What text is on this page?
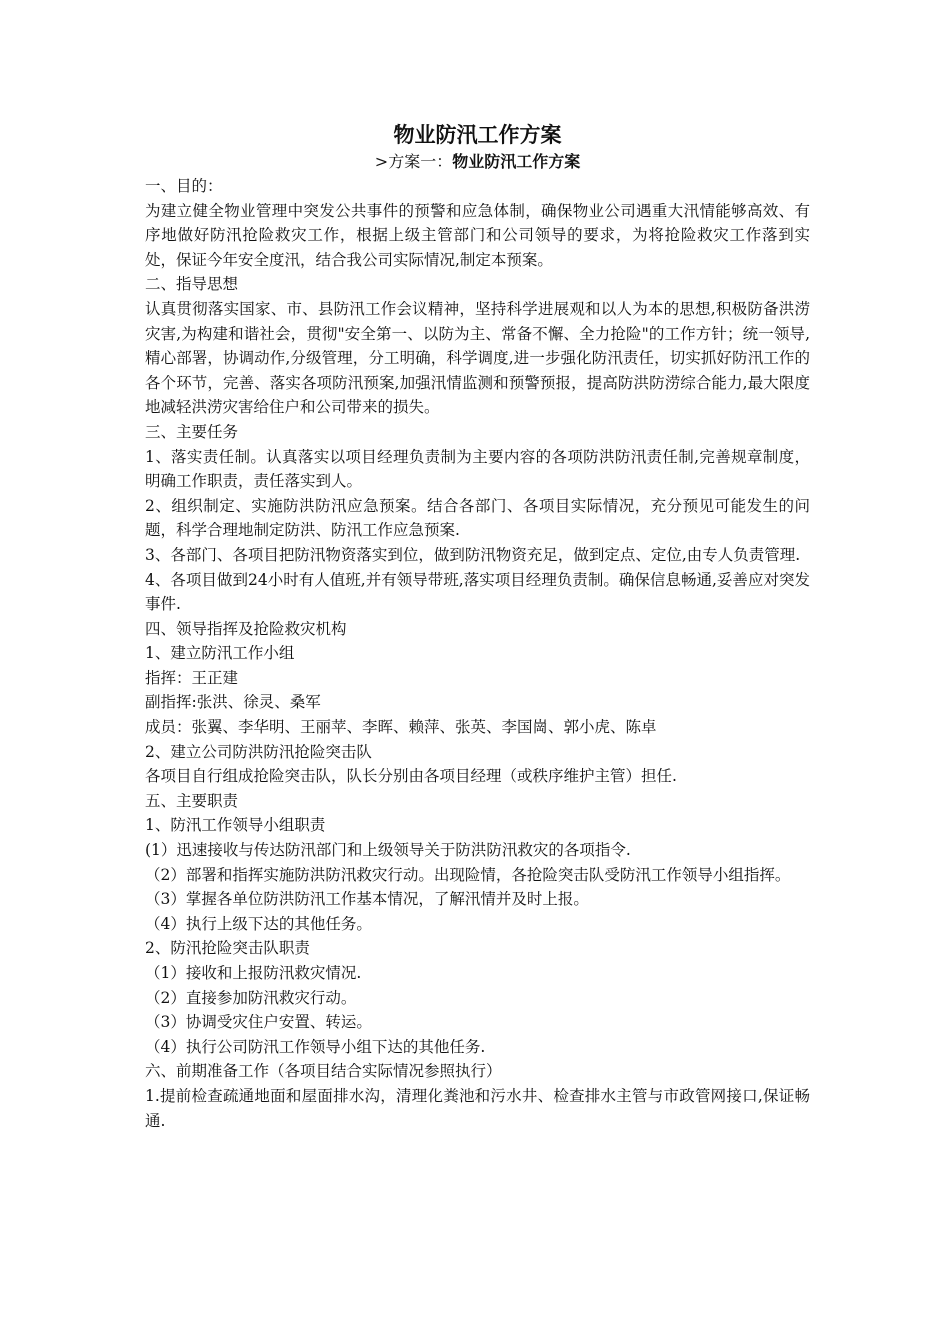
物业防汛工作方案
>方案一：物业防汛工作方案

一、目的：

为建立健全物业管理中突发公共事件的预警和应急体制，确保物业公司遇重大汛情能够高效、有序地做好防汛抢险救灾工作，根据上级主管部门和公司领导的要求，为将抢险救灾工作落到实处，保证今年安全度汛，结合我公司实际情况,制定本预案。

二、指导思想

认真贯彻落实国家、市、县防汛工作会议精神，坚持科学进展观和以人为本的思想,积极防备洪涝灾害,为构建和谐社会，贯彻"安全第一、以防为主、常备不懈、全力抢险"的工作方针；统一领导,精心部署，协调动作,分级管理，分工明确，科学调度,进一步强化防汛责任，切实抓好防汛工作的各个环节，完善、落实各项防汛预案,加强汛情监测和预警预报，提高防洪防涝综合能力,最大限度地减轻洪涝灾害给住户和公司带来的损失。

三、主要任务

1、落实责任制。认真落实以项目经理负责制为主要内容的各项防洪防汛责任制,完善规章制度，明确工作职责，责任落实到人。

2、组织制定、实施防洪防汛应急预案。结合各部门、各项目实际情况，充分预见可能发生的问题，科学合理地制定防洪、防汛工作应急预案.

3、各部门、各项目把防汛物资落实到位，做到防汛物资充足，做到定点、定位,由专人负责管理.

4、各项目做到24小时有人值班,并有领导带班,落实项目经理负责制。确保信息畅通,妥善应对突发事件.

四、领导指挥及抢险救灾机构

1、建立防汛工作小组

指挥：王正建

副指挥:张洪、徐灵、桑军

成员：张翼、李华明、王丽苹、李晖、赖萍、张英、李国崗、郭小虎、陈卓

2、建立公司防洪防汛抢险突击队

各项目自行组成抢险突击队，队长分别由各项目经理（或秩序维护主管）担任.

五、主要职责

1、防汛工作领导小组职责

(1）迅速接收与传达防汛部门和上级领导关于防洪防汛救灾的各项指令.

（2）部署和指挥实施防洪防汛救灾行动。出现险情，各抢险突击队受防汛工作领导小组指挥。

（3）掌握各单位防洪防汛工作基本情况，了解汛情并及时上报。

（4）执行上级下达的其他任务。

2、防汛抢险突击队职责

（1）接收和上报防汛救灾情况.

（2）直接参加防汛救灾行动。

（3）协调受灾住户安置、转运。

（4）执行公司防汛工作领导小组下达的其他任务.

六、前期准备工作（各项目结合实际情况参照执行）

1.提前检查疏通地面和屋面排水沟，清理化粪池和污水井、检查排水主管与市政管网接口,保证畅通.
